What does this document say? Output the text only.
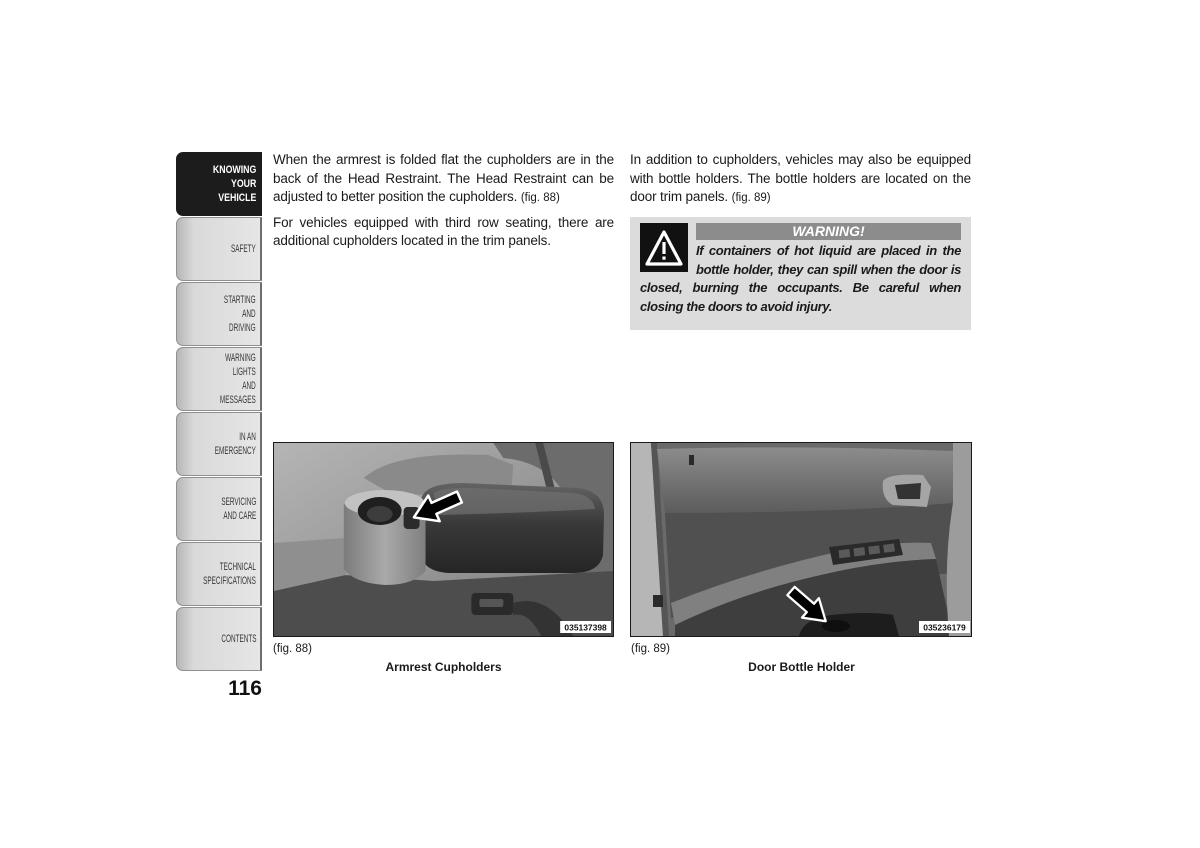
KNOWING
YOUR
VEHICLE
SAFETY
STARTING
AND
DRIVING
WARNING
LIGHTS
AND
MESSAGES
IN AN
EMERGENCY
SERVICING
AND CARE
TECHNICAL
SPECIFICATIONS
CONTENTS
116

When the armrest is folded flat the cupholders are in the back of the Head Restraint. The Head Restraint can be adjusted to better position the cupholders. (fig. 88)

For vehicles equipped with third row seating, there are additional cupholders located in the trim panels.

In addition to cupholders, vehicles may also be equipped with bottle holders. The bottle holders are located on the door trim panels. (fig. 89)

WARNING!

If containers of hot liquid are placed in the bottle holder, they can spill when the door is closed, burning the occupants. Be careful when closing the doors to avoid injury.

035137398
(fig. 88)
Armrest Cupholders
035236179
(fig. 89)
Door Bottle Holder
